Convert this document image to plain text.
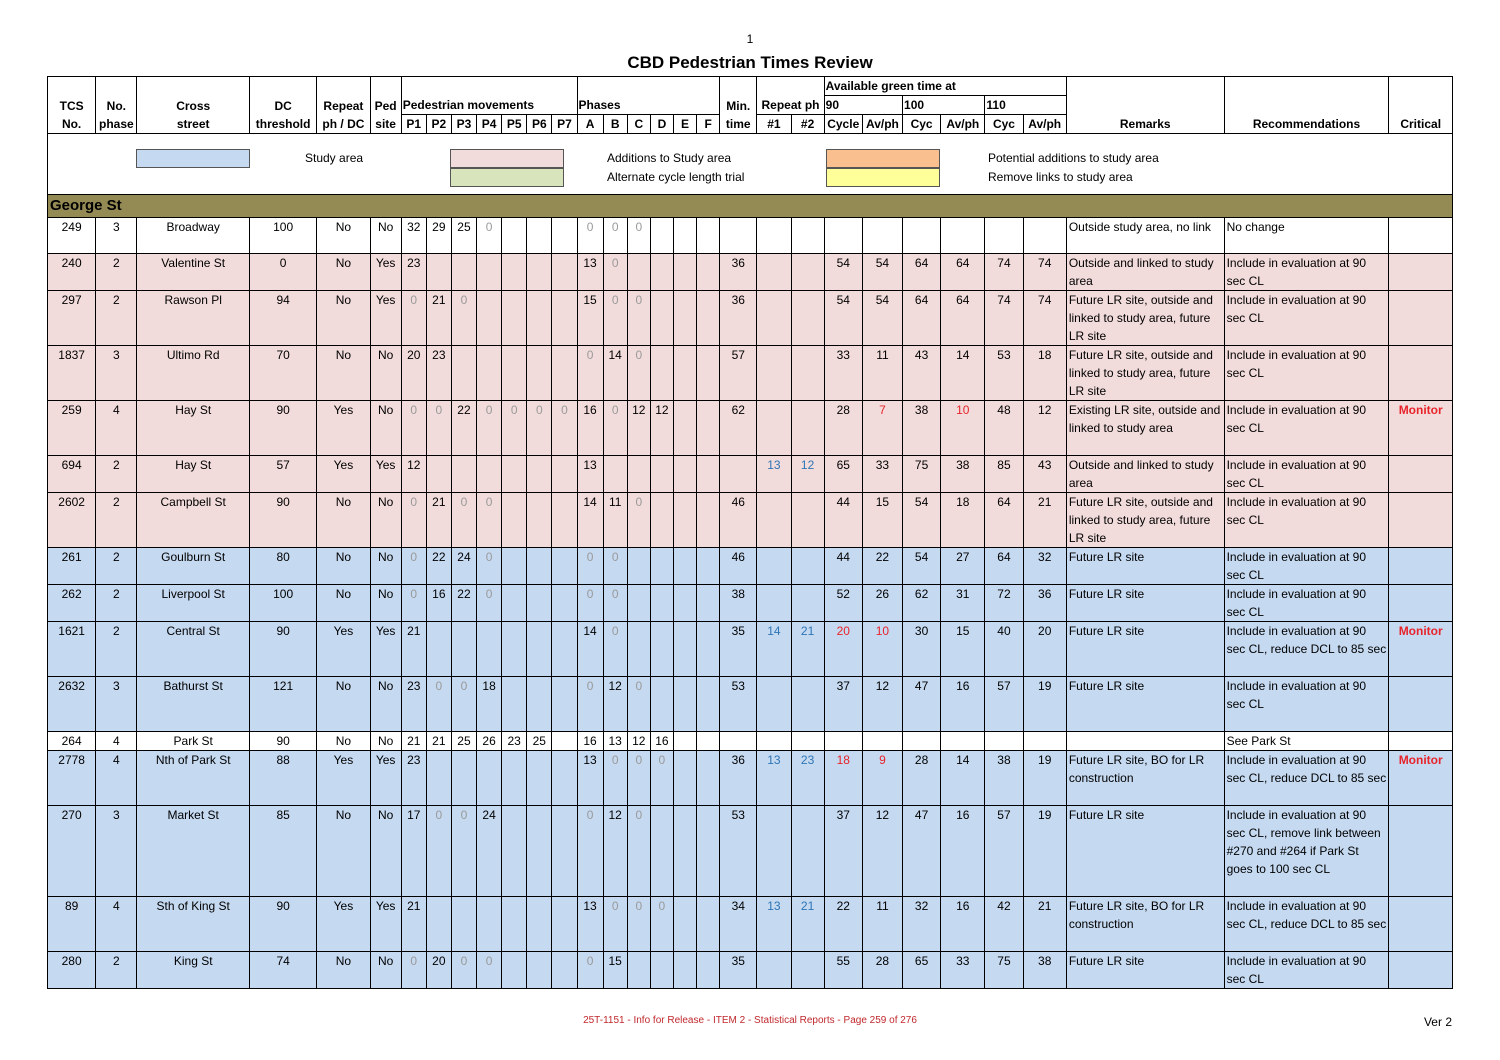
1
CBD Pedestrian Times Review
																						Available green time at								
TCS	No.	Cross	DC	Repeat	Ped	Pedestrian movements							Phases						Min.	Repeat ph		90		100		110				
No.	phase	street	threshold	ph / DC	site	P1	P2	P3	P4	P5	P6	P7	A	B	C	D	E	F	time	#1	#2	Cycle	Av/ph	Cyc	Av/ph	Cyc	Av/ph	Remarks	Recommendations	Critical

George St																														
249	3	Broadway	100	No	No	32	29	25	0				0	0	0													Outside study area, no link	No change	
240	2	Valentine St	0	No	Yes	23							13	0					36			54	54	64	64	74	74	Outside and linked to study area	Include in evaluation at 90 sec CL	
297	2	Rawson Pl	94	No	Yes	0	21	0					15	0	0				36			54	54	64	64	74	74	Future LR site, outside and linked to study area, future LR site	Include in evaluation at 90 sec CL	
1837	3	Ultimo Rd	70	No	No	20	23						0	14	0				57			33	11	43	14	53	18	Future LR site, outside and linked to study area, future LR site	Include in evaluation at 90 sec CL	
259	4	Hay St	90	Yes	No	0	0	22	0	0	0	0	16	0	12	12			62			28	7	38	10	48	12	Existing LR site, outside and linked to study area	Include in evaluation at 90 sec CL	Monitor
694	2	Hay St	57	Yes	Yes	12							13							13	12	65	33	75	38	85	43	Outside and linked to study area	Include in evaluation at 90 sec CL	
2602	2	Campbell St	90	No	No	0	21	0	0				14	11	0				46			44	15	54	18	64	21	Future LR site, outside and linked to study area, future LR site	Include in evaluation at 90 sec CL	
261	2	Goulburn St	80	No	No	0	22	24	0				0	0					46			44	22	54	27	64	32	Future LR site	Include in evaluation at 90 sec CL	
262	2	Liverpool St	100	No	No	0	16	22	0				0	0					38			52	26	62	31	72	36	Future LR site	Include in evaluation at 90 sec CL	
1621	2	Central St	90	Yes	Yes	21							14	0					35	14	21	20	10	30	15	40	20	Future LR site	Include in evaluation at 90 sec CL, reduce DCL to 85 sec	Monitor
2632	3	Bathurst St	121	No	No	23	0	0	18				0	12	0				53			37	12	47	16	57	19	Future LR site	Include in evaluation at 90 sec CL	
264	4	Park St	90	No	No	21	21	25	26	23	25		16	13	12	16													See Park St	
2778	4	Nth of Park St	88	Yes	Yes	23							13	0	0	0			36	13	23	18	9	28	14	38	19	Future LR site, BO for LR construction	Include in evaluation at 90 sec CL, reduce DCL to 85 sec	Monitor
270	3	Market St	85	No	No	17	0	0	24				0	12	0				53			37	12	47	16	57	19	Future LR site	Include in evaluation at 90 sec CL, remove link between #270 and #264 if Park St goes to 100 sec CL	
89	4	Sth of King St	90	Yes	Yes	21							13	0	0	0			34	13	21	22	11	32	16	42	21	Future LR site, BO for LR construction	Include in evaluation at 90 sec CL, reduce DCL to 85 sec	
280	2	King St	74	No	No	0	20	0	0				0	15					35			55	28	65	33	75	38	Future LR site	Include in evaluation at 90 sec CL	
Study area	Additions to Study area
Alternate cycle length trial
Potential additions to study area
Remove links to study area
25T-1151 - Info for Release - ITEM 2 - Statistical Reports - Page 259 of 276	Ver 2
